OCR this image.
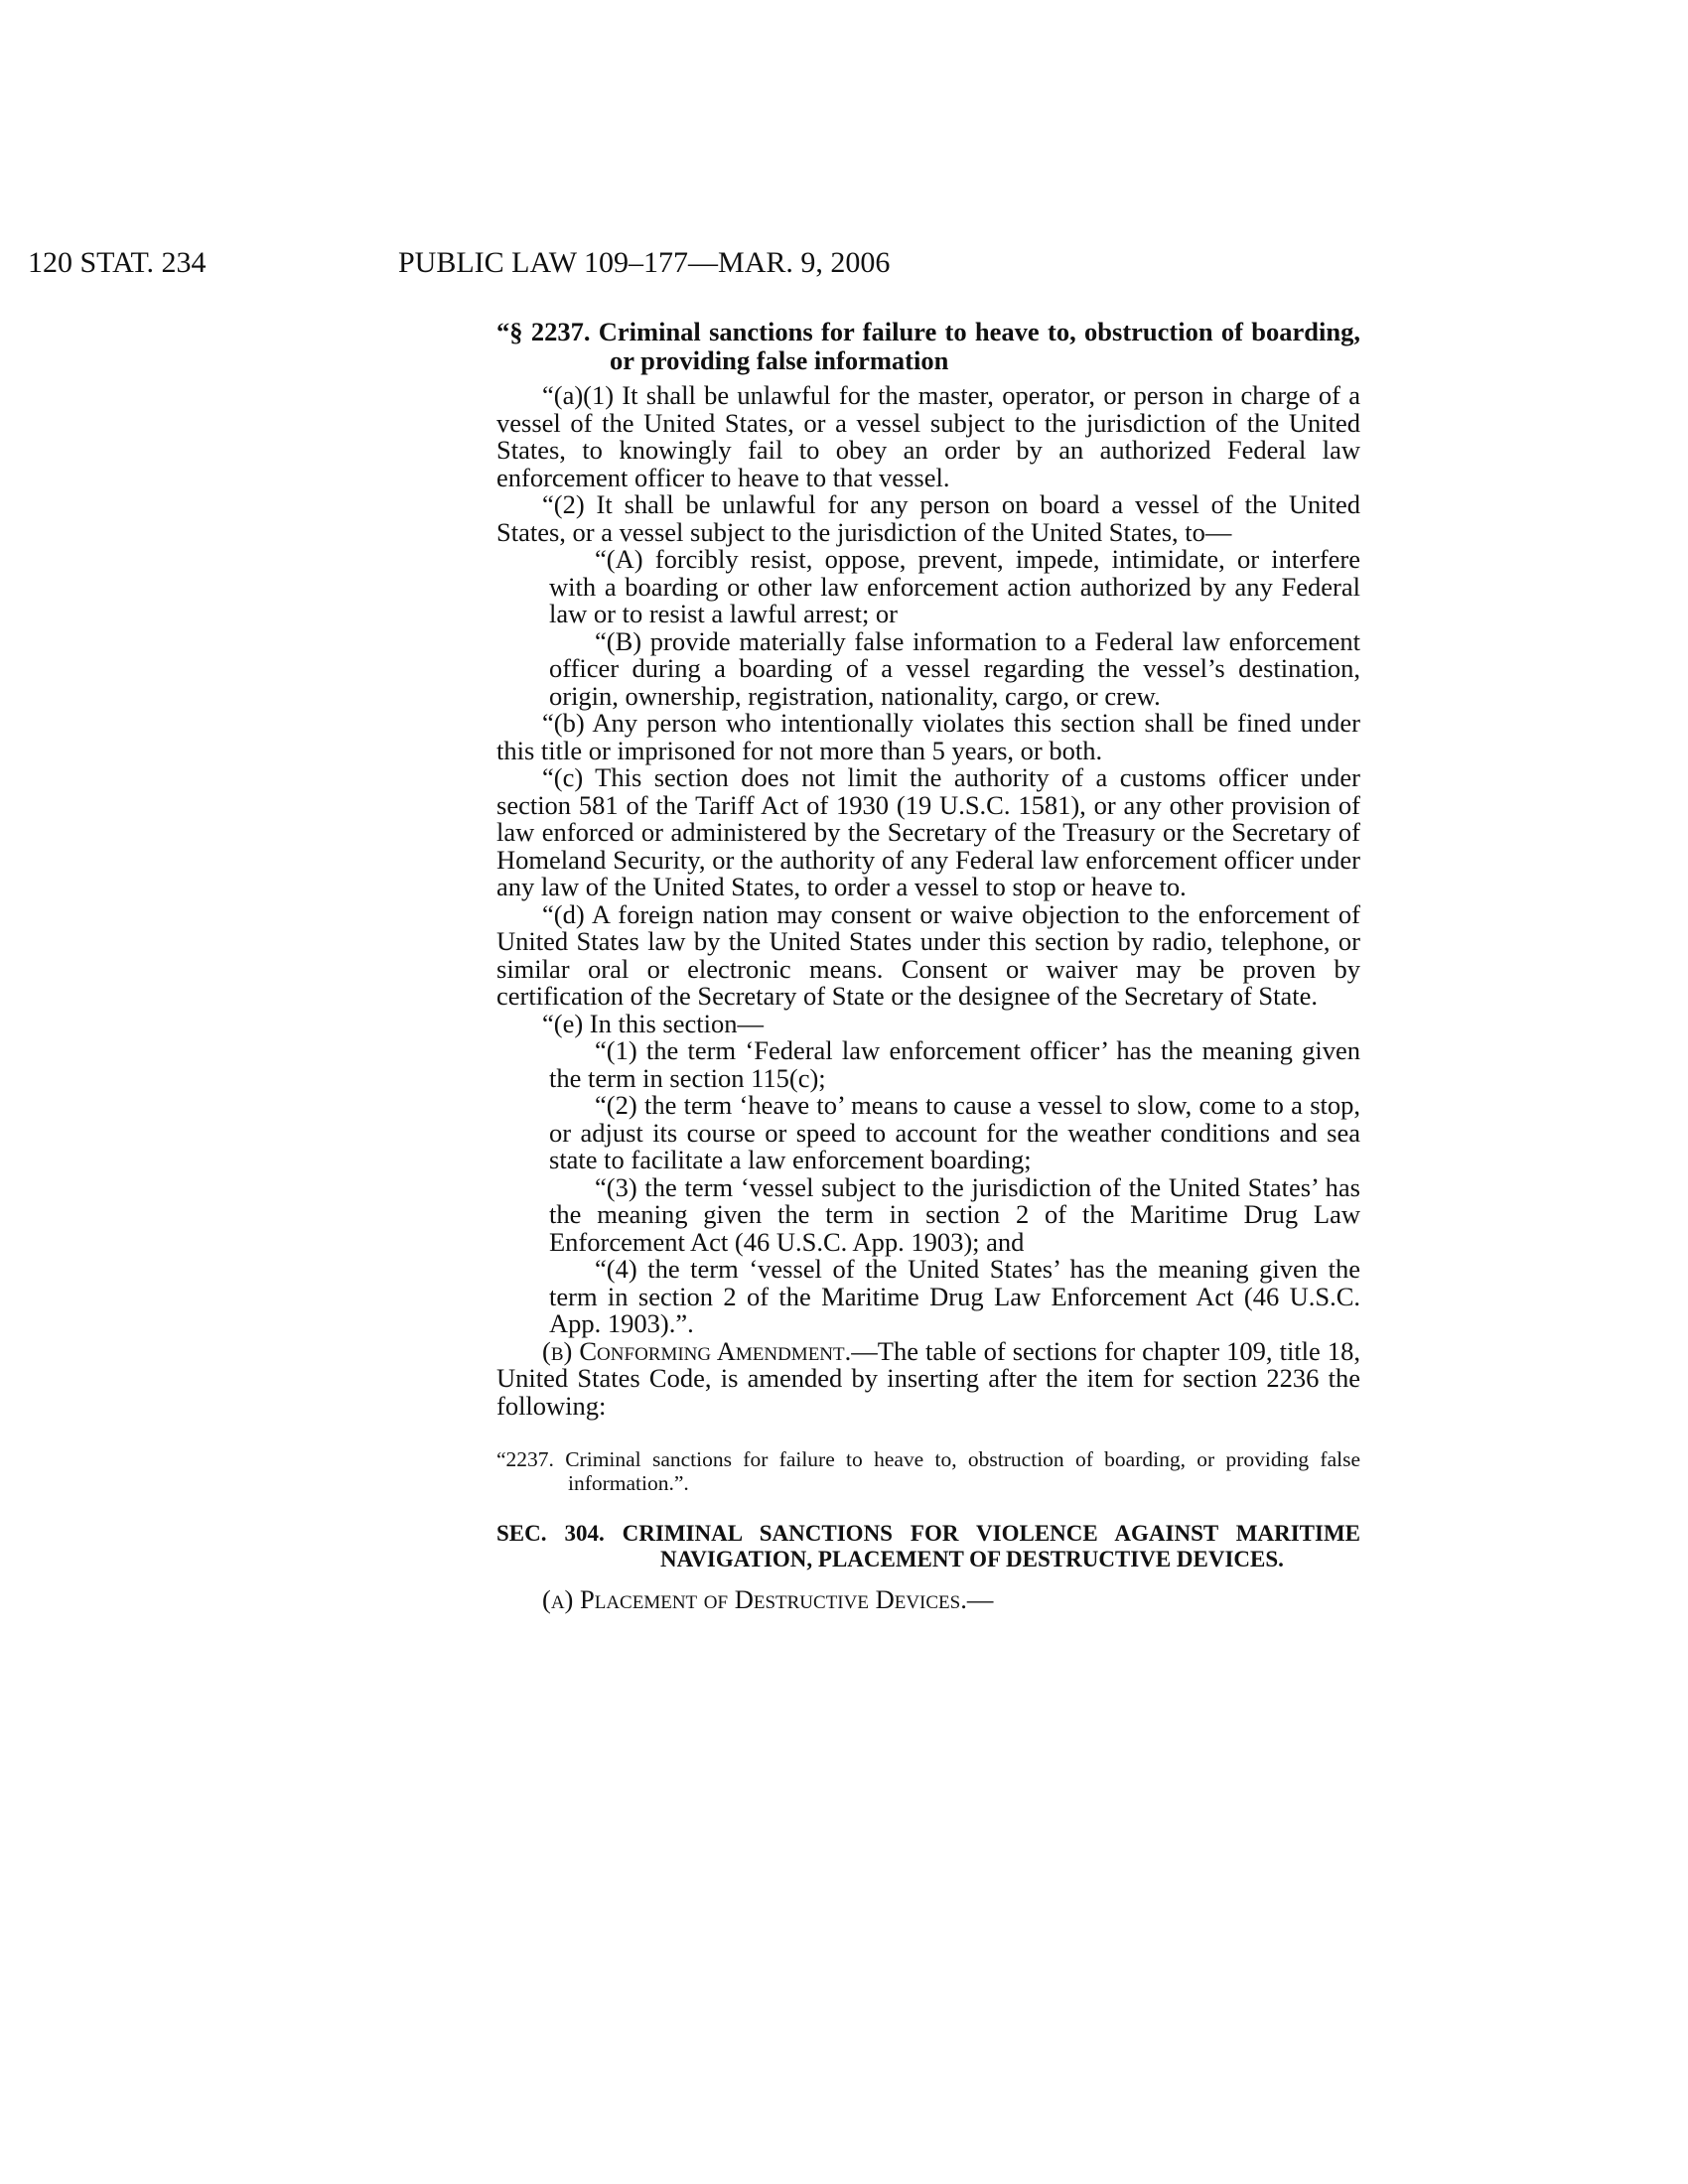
120 STAT. 234	PUBLIC LAW 109–177—MAR. 9, 2006

“§ 2237. Criminal sanctions for failure to heave to, obstruction of boarding, or providing false information

“(a)(1) It shall be unlawful for the master, operator, or person in charge of a vessel of the United States, or a vessel subject to the jurisdiction of the United States, to knowingly fail to obey an order by an authorized Federal law enforcement officer to heave to that vessel.

“(2) It shall be unlawful for any person on board a vessel of the United States, or a vessel subject to the jurisdiction of the United States, to—

“(A) forcibly resist, oppose, prevent, impede, intimidate, or interfere with a boarding or other law enforcement action authorized by any Federal law or to resist a lawful arrest; or

“(B) provide materially false information to a Federal law enforcement officer during a boarding of a vessel regarding the vessel’s destination, origin, ownership, registration, nationality, cargo, or crew.

“(b) Any person who intentionally violates this section shall be fined under this title or imprisoned for not more than 5 years, or both.

“(c) This section does not limit the authority of a customs officer under section 581 of the Tariff Act of 1930 (19 U.S.C. 1581), or any other provision of law enforced or administered by the Secretary of the Treasury or the Secretary of Homeland Security, or the authority of any Federal law enforcement officer under any law of the United States, to order a vessel to stop or heave to.

“(d) A foreign nation may consent or waive objection to the enforcement of United States law by the United States under this section by radio, telephone, or similar oral or electronic means. Consent or waiver may be proven by certification of the Secretary of State or the designee of the Secretary of State.

“(e) In this section—

“(1) the term ‘Federal law enforcement officer’ has the meaning given the term in section 115(c);

“(2) the term ‘heave to’ means to cause a vessel to slow, come to a stop, or adjust its course or speed to account for the weather conditions and sea state to facilitate a law enforcement boarding;

“(3) the term ‘vessel subject to the jurisdiction of the United States’ has the meaning given the term in section 2 of the Maritime Drug Law Enforcement Act (46 U.S.C. App. 1903); and

“(4) the term ‘vessel of the United States’ has the meaning given the term in section 2 of the Maritime Drug Law Enforcement Act (46 U.S.C. App. 1903).”.

(b) Conforming Amendment.—The table of sections for chapter 109, title 18, United States Code, is amended by inserting after the item for section 2236 the following:

“2237. Criminal sanctions for failure to heave to, obstruction of boarding, or providing false information.”.

SEC. 304. CRIMINAL SANCTIONS FOR VIOLENCE AGAINST MARITIME NAVIGATION, PLACEMENT OF DESTRUCTIVE DEVICES.

(a) Placement of Destructive Devices.—
